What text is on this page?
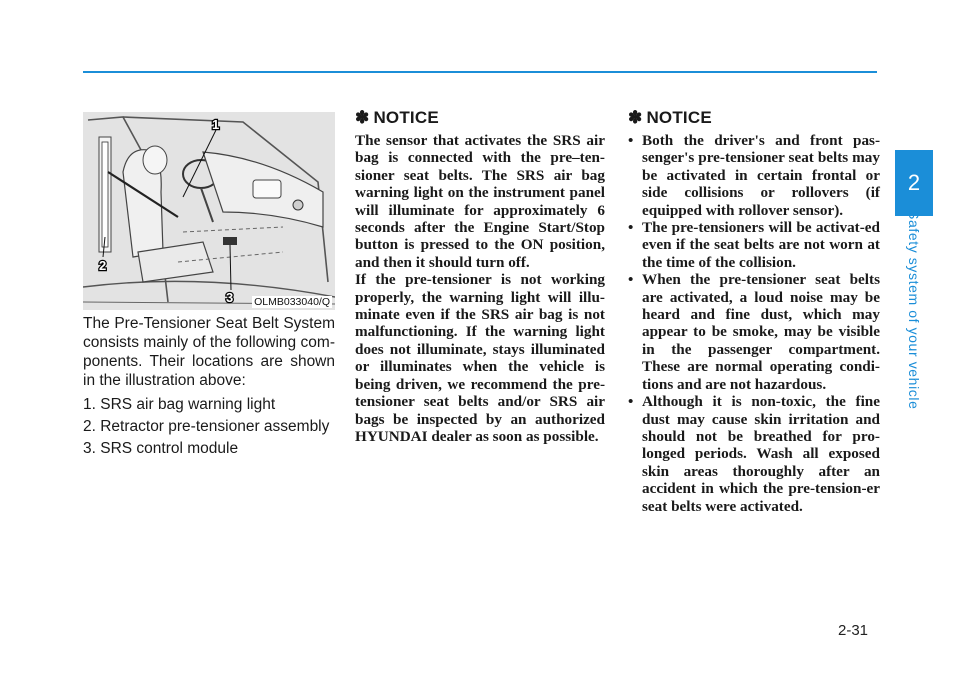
2
Safety system of your vehicle
1
2
3 OLMB033040/Q

The Pre-Tensioner Seat Belt System consists mainly of the following com-ponents. Their locations are shown in the illustration above:

1. SRS air bag warning light
2. Retractor pre-tensioner assembly
3. SRS control module
✽ NOTICE

The sensor that activates the SRS air bag is connected with the pre–ten-sioner seat belts. The SRS air bag warning light on the instrument panel will illuminate for approximately 6 seconds after the Engine Start/Stop button is pressed to the ON position, and then it should turn off.

If the pre-tensioner is not working properly, the warning light will illu-minate even if the SRS air bag is not malfunctioning. If the warning light does not illuminate, stays illuminated or illuminates when the vehicle is being driven, we recommend the pre-tensioner seat belts and/or SRS air bags be inspected by an authorized HYUNDAI dealer as soon as possible.

✽ NOTICE
• Both the driver's and front pas-senger's pre-tensioner seat belts may be activated in certain frontal or side collisions or rollovers (if equipped with rollover sensor).
• The pre-tensioners will be activat-ed even if the seat belts are not worn at the time of the collision.
• When the pre-tensioner seat belts are activated, a loud noise may be heard and fine dust, which may appear to be smoke, may be visible in the passenger compartment. These are normal operating condi-tions and are not hazardous.
• Although it is non-toxic, the fine dust may cause skin irritation and should not be breathed for pro-longed periods. Wash all exposed skin areas thoroughly after an accident in which the pre-tension-er seat belts were activated.
2-31
